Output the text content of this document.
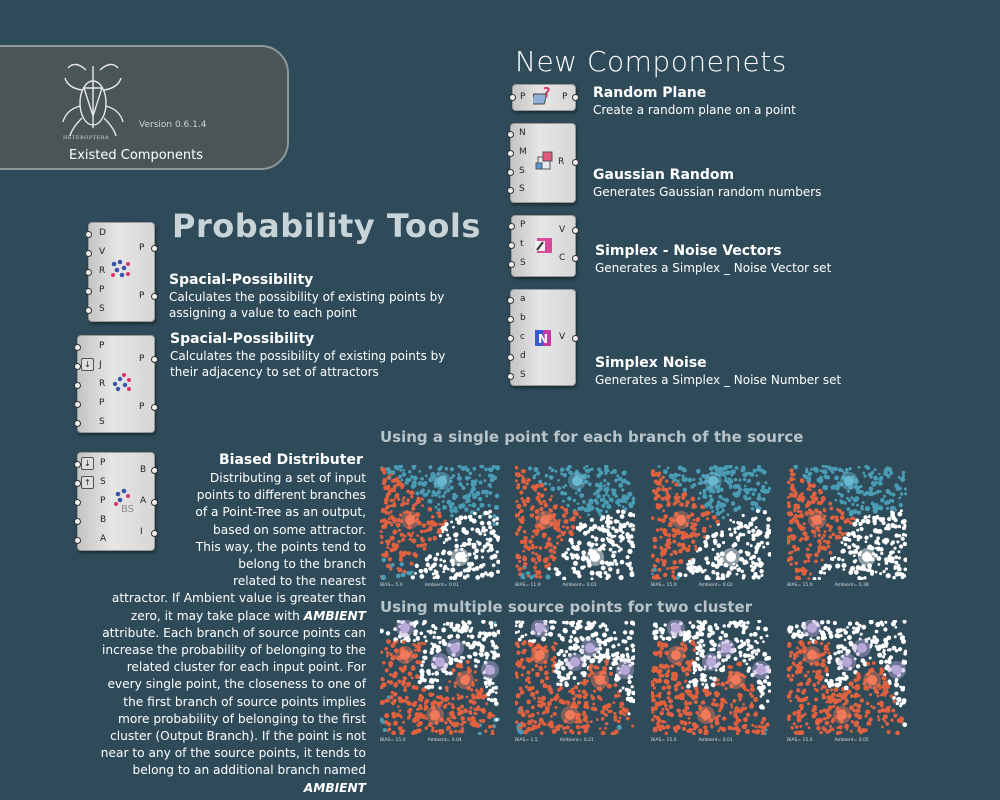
HETEROPTERA
Version 0.6.1.4
Existed Components
New Componenets
Probability Tools
P ? P Random Plane
Create a random plane on a point
N
M
S
S
R
Gaussian Random
Generates Gaussian random numbers
P
t
S
V
C Simplex - Noise Vectors
Generates a Simplex _ Noise Vector set
a
b
c
d
S
N V
Simplex Noise
Generates a Simplex _ Noise Number set
D
V
R
P
S
P
P
Spacial-Possibility
Calculates the possibility of existing points by
assigning a value to each point
↓
P
J
R
P
S
P
P
Spacial-Possibility
Calculates the possibility of existing points by
their adjacency to set of attractors
↓
↑
P
S
P
B
A
BS
B
A
I
Biased Distributer
Distributing a set of input
points to different branches
of a Point-Tree as an output,
based on some attractor.
This way, the points tend to
belong to the branch
related to the nearest
attractor. If Ambient value is greater than
zero, it may take place with AMBIENT
attribute. Each branch of source points can
increase the probability of belonging to the
related cluster for each input point. For
every single point, the closeness to one of
the first branch of source points implies
more probability of belonging to the first
cluster (Output Branch). If the point is not
near to any of the source points, it tends to
belong to an additional branch named
AMBIENT
Using a single point for each branch of the source
Using multiple source points for two cluster
BIAS= 5.0	Ambient= 0.01	BIAS= 11.9	Ambient= 0.01	BIAS= 15.0	Ambient= 0.02	BIAS= 15.0	Ambient= 0.38
BIAS= 15.0	Ambient= 0.04	BIAS= 1.5	Ambient= 0.21	BIAS= 15.0	Ambient= 0.01	BIAS= 15.0	Ambient= 0.05
